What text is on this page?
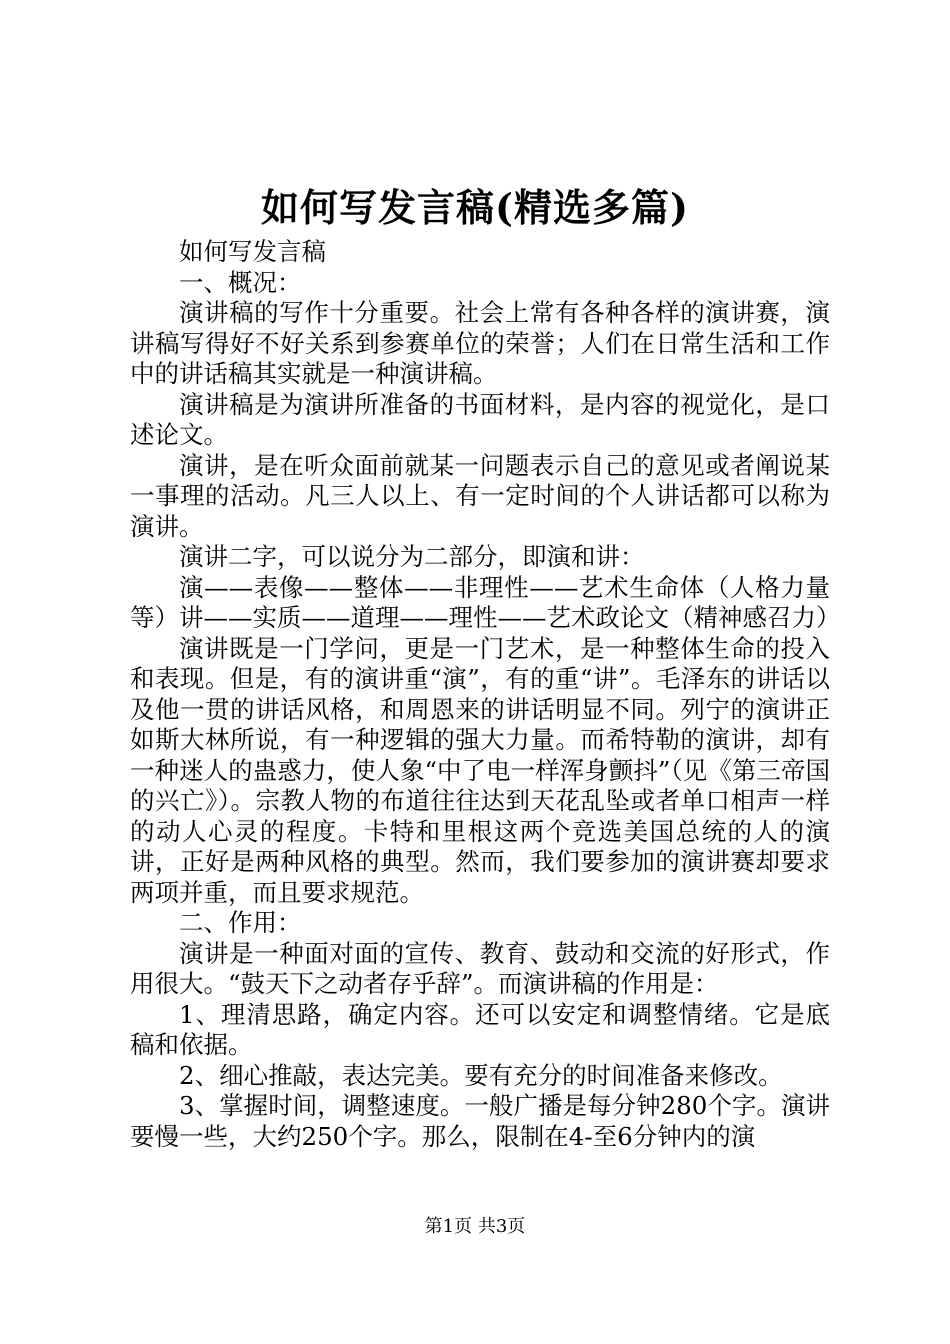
如何写发言稿(精选多篇)

如何写发言稿

一、概况：

演讲稿的写作十分重要。社会上常有各种各样的演讲赛，演讲稿写得好不好关系到参赛单位的荣誉；人们在日常生活和工作中的讲话稿其实就是一种演讲稿。

演讲稿是为演讲所准备的书面材料，是内容的视觉化，是口述论文。

演讲，是在听众面前就某一问题表示自己的意见或者阐说某一事理的活动。凡三人以上、有一定时间的个人讲话都可以称为演讲。

演讲二字，可以说分为二部分，即演和讲：

演——表像——整体——非理性——艺术生命体（人格力量等）讲——实质——道理——理性——艺术政论文（精神感召力）

演讲既是一门学问，更是一门艺术，是一种整体生命的投入和表现。但是，有的演讲重“演”，有的重“讲”。毛泽东的讲话以及他一贯的讲话风格，和周恩来的讲话明显不同。列宁的演讲正如斯大林所说，有一种逻辑的强大力量。而希特勒的演讲，却有一种迷人的蛊惑力，使人象“中了电一样浑身颤抖”（见《第三帝国的兴亡》）。宗教人物的布道往往达到天花乱坠或者单口相声一样的动人心灵的程度。卡特和里根这两个竞选美国总统的人的演讲，正好是两种风格的典型。然而，我们要参加的演讲赛却要求两项并重，而且要求规范。

二、作用：

演讲是一种面对面的宣传、教育、鼓动和交流的好形式，作用很大。“鼓天下之动者存乎辞”。而演讲稿的作用是：

1、理清思路，确定内容。还可以安定和调整情绪。它是底稿和依据。

2、细心推敲，表达完美。要有充分的时间准备来修改。

3、掌握时间，调整速度。一般广播是每分钟280个字。演讲要慢一些，大约250个字。那么，限制在4-至6分钟内的演

第1页 共3页
